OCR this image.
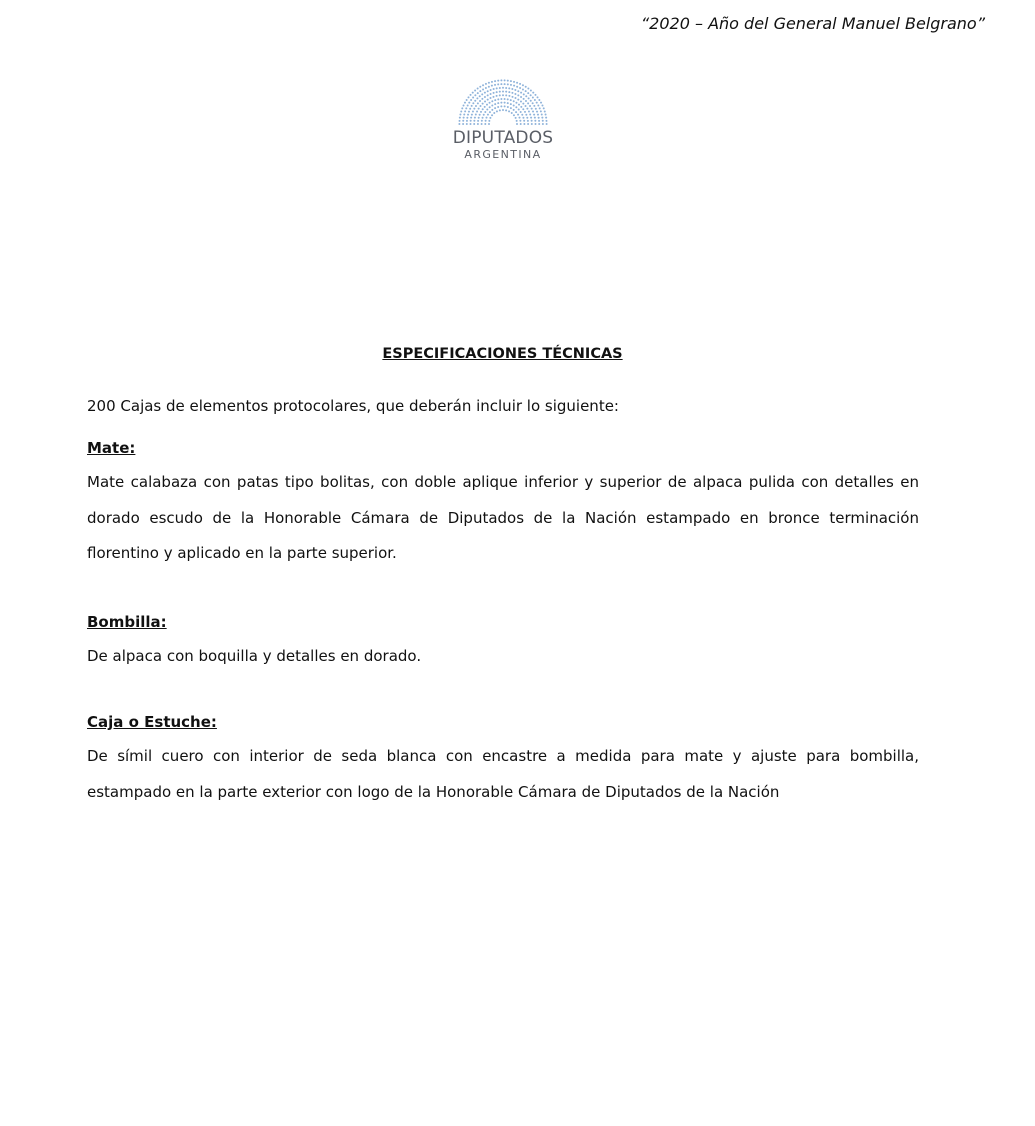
“2020 – Año del General Manuel Belgrano”
DIPUTADOS
ARGENTINA
ESPECIFICACIONES TÉCNICAS

200 Cajas de elementos protocolares, que deberán incluir lo siguiente:

Mate:

Mate calabaza con patas tipo bolitas, con doble aplique inferior y superior de alpaca pulida con detalles en dorado escudo de la Honorable Cámara de Diputados de la Nación estampado en bronce terminación florentino y aplicado en la parte superior.

Bombilla:

De alpaca con boquilla y detalles en dorado.

Caja o Estuche:

De símil cuero con interior de seda blanca con encastre a medida para mate y ajuste para bombilla, estampado en la parte exterior con logo de la Honorable Cámara de Diputados de la Nación
